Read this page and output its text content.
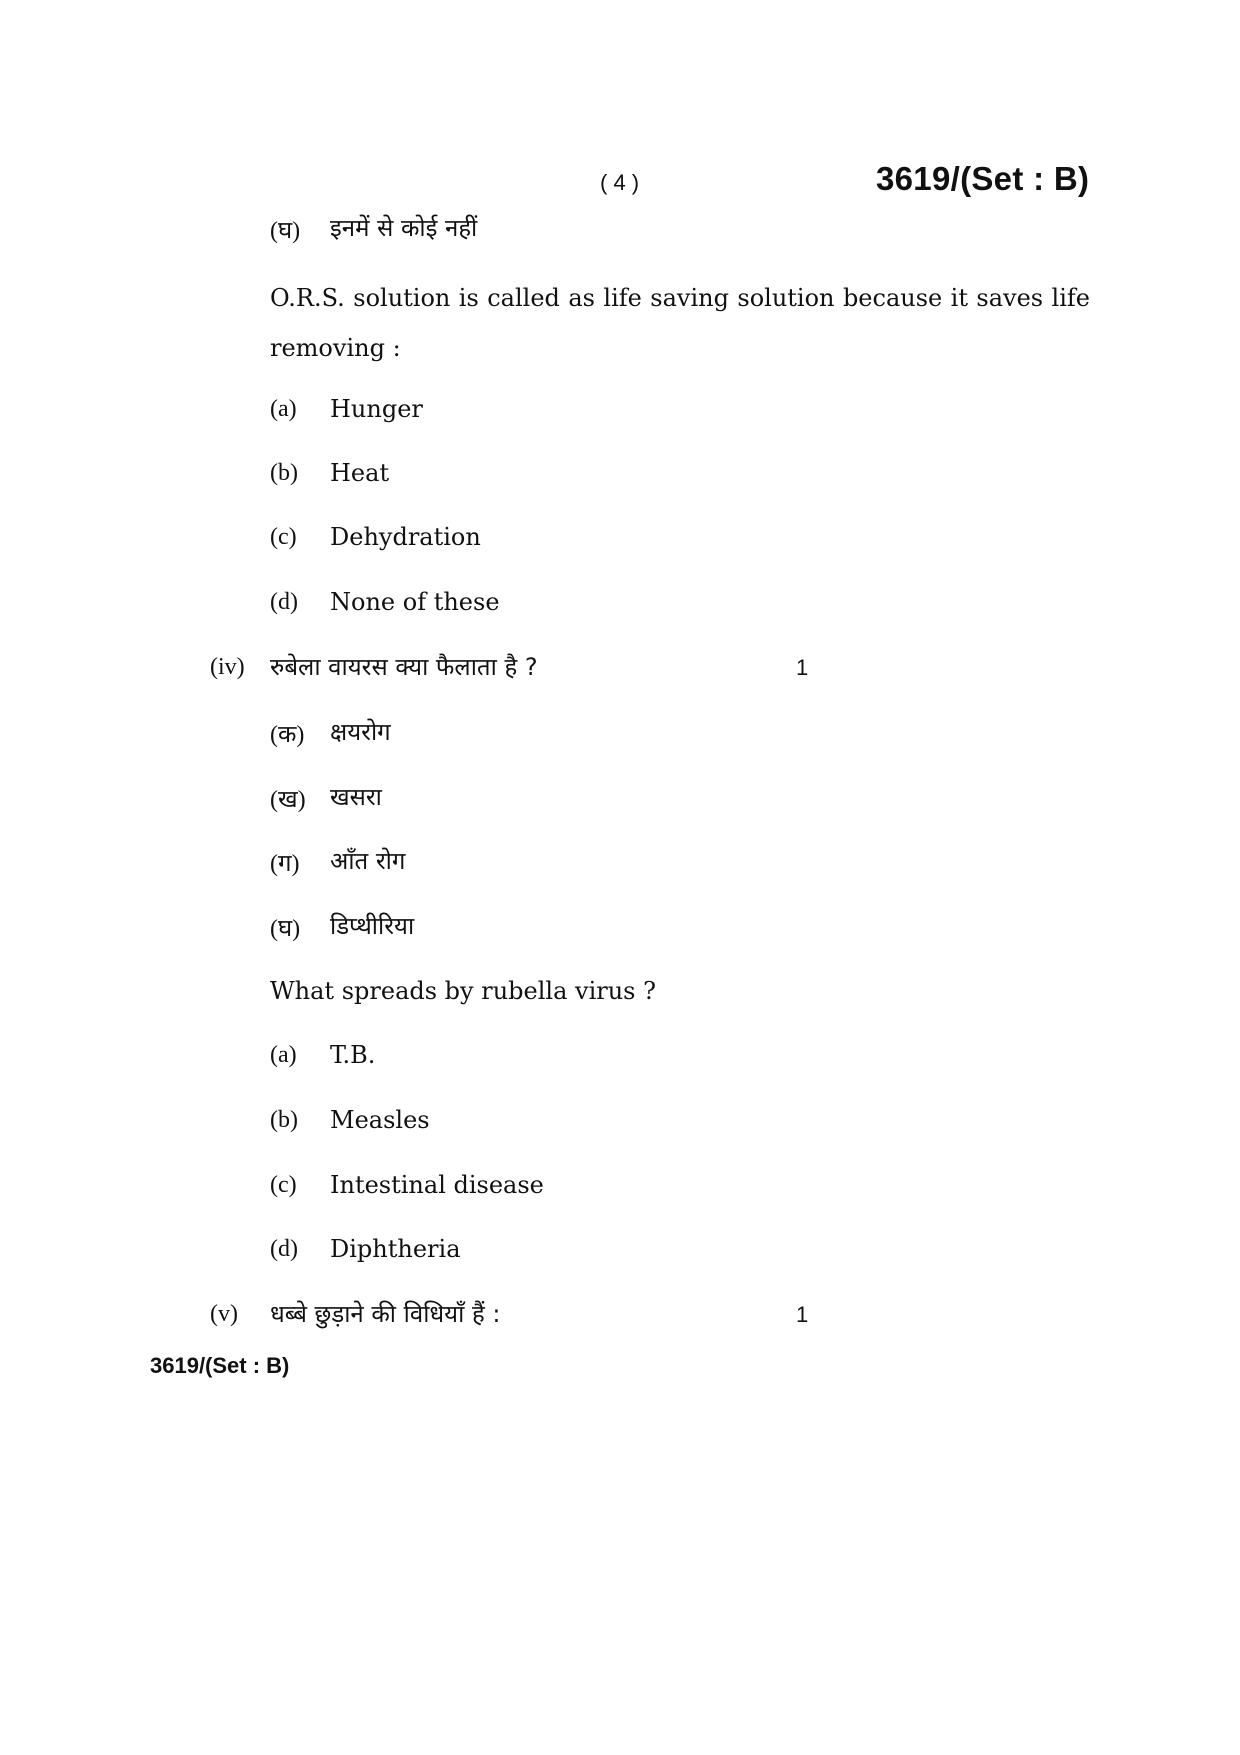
( 4 )	3619/(Set : B)
(घ) इनमें से कोई नहीं
O.R.S. solution is called as life saving solution because it saves life removing :
(a) Hunger
(b) Heat
(c) Dehydration
(d) None of these
(iv) रुबेला वायरस क्या फैलाता है ?	1
(क) क्षयरोग
(ख) खसरा
(ग) आँत रोग
(घ) डिप्थीरिया
What spreads by rubella virus ?
(a) T.B.
(b) Measles
(c) Intestinal disease
(d) Diphtheria
(v) धब्बे छुड़ाने की विधियाँ हैं :	1
3619/(Set : B)
